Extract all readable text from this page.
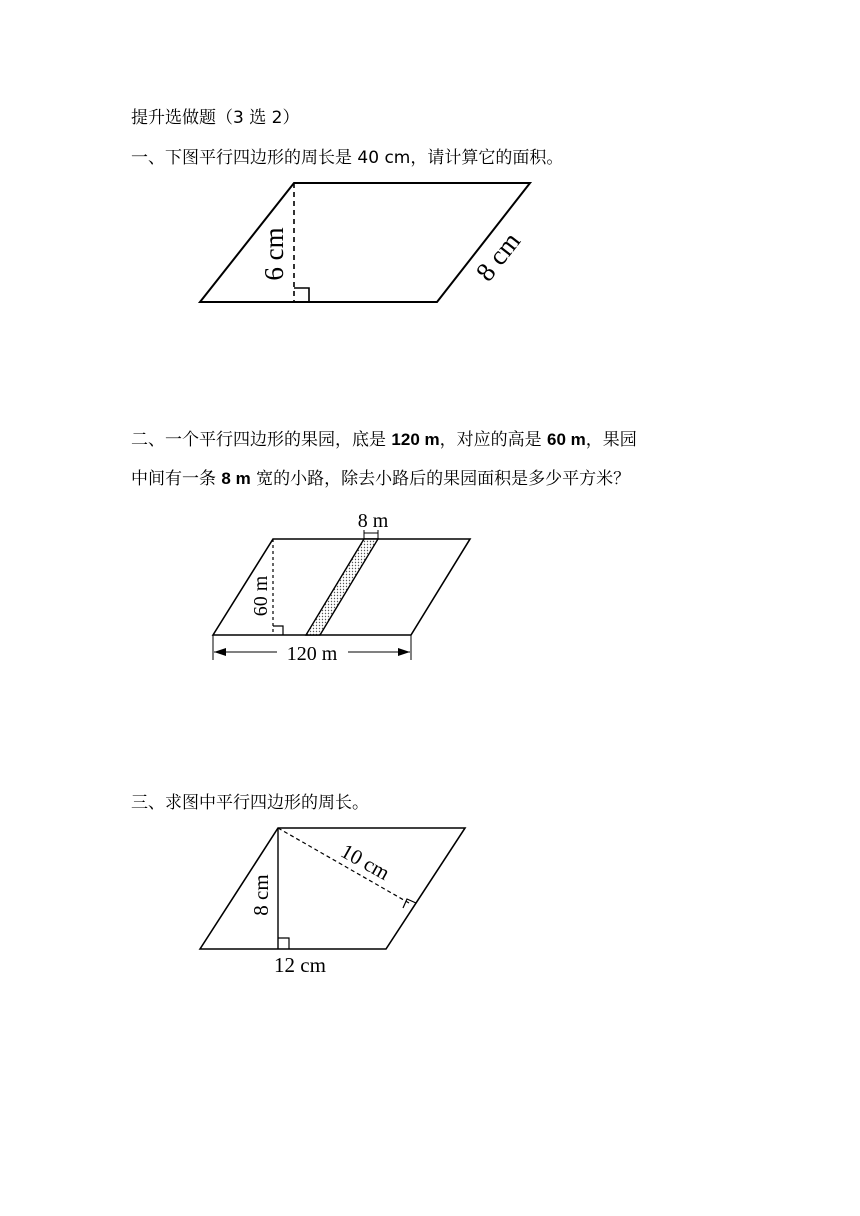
提升选做题（3 选 2）
一、下图平行四边形的周长是 40 cm，请计算它的面积。
6 cm	8 cm
二、一个平行四边形的果园，底是 120 m，对应的高是 60 m，果园
中间有一条 8 m 宽的小路，除去小路后的果园面积是多少平方米？
8 m
60 m
120 m
三、求图中平行四边形的周长。
10 cm
8 cm
12 cm
